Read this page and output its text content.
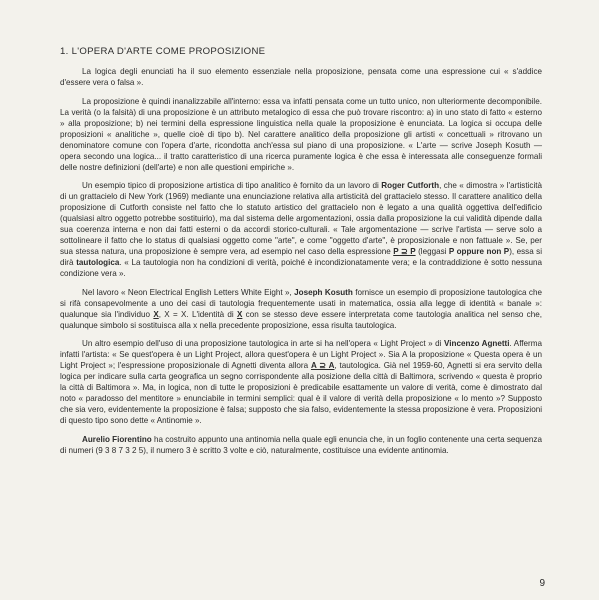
1. L'OPERA D'ARTE COME PROPOSIZIONE

La logica degli enunciati ha il suo elemento essenziale nella proposizione, pensata come una espressione cui « s'addice d'essere vera o falsa ».

La proposizione è quindi inanalizzabile all'interno: essa va infatti pensata come un tutto unico, non ulteriormente decomponibile. La verità (o la falsità) di una proposizione è un attributo metalogico di essa che può trovare riscontro: a) in uno stato di fatto « esterno » alla proposizione; b) nei termini della espressione linguistica nella quale la proposizione è enunciata. La logica si occupa delle proposizioni « analitiche », quelle cioè di tipo b). Nel carattere analitico della proposizione gli artisti « concettuali » ritrovano un denominatore comune con l'opera d'arte, ricondotta anch'essa sul piano di una proposizione. « L'arte — scrive Joseph Kosuth — opera secondo una logica... il tratto caratteristico di una ricerca puramente logica è che essa è interessata alle conseguenze formali delle nostre definizioni (dell'arte) e non alle questioni empiriche ».

Un esempio tipico di proposizione artistica di tipo analitico è fornito da un lavoro di Roger Cutforth, che « dimostra » l'artisticità di un grattacielo di New York (1969) mediante una enunciazione relativa alla artisticità del grattacielo stesso. Il carattere analitico della proposizione di Cutforth consiste nel fatto che lo statuto artistico del grattacielo non è legato a una qualità oggettiva dell'edificio (qualsiasi altro oggetto potrebbe sostituirlo), ma dal sistema delle argomentazioni, ossia dalla proposizione la cui validità dipende dalla sua coerenza interna e non dai fatti esterni o da accordi storico-culturali. « Tale argomentazione — scrive l'artista — serve solo a sottolineare il fatto che lo status di qualsiasi oggetto come "arte", e come "oggetto d'arte", è proposizionale e non fattuale ». Se, per sua stessa natura, una proposizione è sempre vera, ad esempio nel caso della espressione P ⊇ P (leggasi P oppure non P), essa si dirà tautologica. « La tautologia non ha condizioni di verità, poiché è incondizionatamente vera; e la contraddizione è sotto nessuna condizione vera ».

Nel lavoro « Neon Electrical English Letters White Eight », Joseph Kosuth fornisce un esempio di proposizione tautologica che si rifà consapevolmente a uno dei casi di tautologia frequentemente usati in matematica, ossia alla legge di identità « banale »: qualunque sia l'individuo X, X = X. L'identità di X con se stesso deve essere interpretata come tautologia analitica nel senso che, qualunque simbolo si sostituisca alla x nella precedente proposizione, essa risulta tautologica.

Un altro esempio dell'uso di una proposizione tautologica in arte si ha nell'opera « Light Project » di Vincenzo Agnetti. Afferma infatti l'artista: « Se quest'opera è un Light Project, allora quest'opera è un Light Project ». Sia A la proposizione « Questa opera è un Light Project »; l'espressione proposizionale di Agnetti diventa allora A ⊇ A, tautologica. Già nel 1959-60, Agnetti si era servito della logica per indicare sulla carta geografica un segno corrispondente alla posizione della città di Baltimora, scrivendo « questa è proprio la città di Baltimora ». Ma, in logica, non di tutte le proposizioni è predicabile esattamente un valore di verità, come è dimostrato dal noto « paradosso del mentitore » enunciabile in termini semplici: qual è il valore di verità della proposizione « lo mento »? Supposto che sia vero, evidentemente la proposizione è falsa; supposto che sia falso, evidentemente la stessa proposizione è vera. Proposizioni di questo tipo sono dette « Antinomie ».

Aurelio Fiorentino ha costruito appunto una antinomia nella quale egli enuncia che, in un foglio contenente una certa sequenza di numeri (9 3 8 7 3 2 5), il numero 3 è scritto 3 volte e ciò, naturalmente, costituisce una evidente antinomia.

9
